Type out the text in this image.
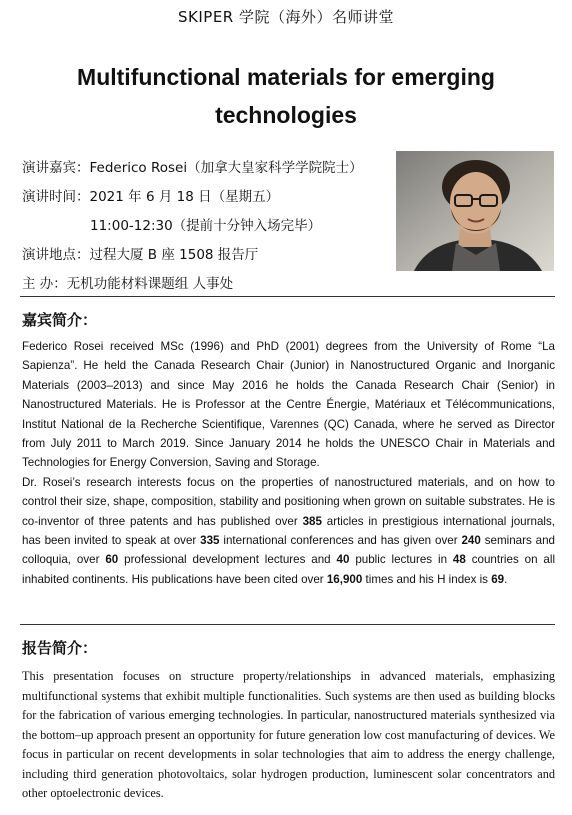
SKIPER 学院（海外）名师讲堂
Multifunctional materials for emerging technologies
演讲嘉宾：Federico Rosei（加拿大皇家科学学院院士）
演讲时间：2021 年 6 月 18 日（星期五）
11:00-12:30（提前十分钟入场完毕）
演讲地点：过程大厦 B 座 1508 报告厅
主 办：无机功能材料课题组 人事处
嘉宾简介：

Federico Rosei received MSc (1996) and PhD (2001) degrees from the University of Rome “La Sapienza”. He held the Canada Research Chair (Junior) in Nanostructured Organic and Inorganic Materials (2003–2013) and since May 2016 he holds the Canada Research Chair (Senior) in Nanostructured Materials. He is Professor at the Centre Énergie, Matériaux et Télécommunications, Institut National de la Recherche Scientifique, Varennes (QC) Canada, where he served as Director from July 2011 to March 2019. Since January 2014 he holds the UNESCO Chair in Materials and Technologies for Energy Conversion, Saving and Storage.

Dr. Rosei’s research interests focus on the properties of nanostructured materials, and on how to control their size, shape, composition, stability and positioning when grown on suitable substrates. He is co-inventor of three patents and has published over 385 articles in prestigious international journals, has been invited to speak at over 335 international conferences and has given over 240 seminars and colloquia, over 60 professional development lectures and 40 public lectures in 48 countries on all inhabited continents. His publications have been cited over 16,900 times and his H index is 69.

报告简介：

This presentation focuses on structure property/relationships in advanced materials, emphasizing multifunctional systems that exhibit multiple functionalities. Such systems are then used as building blocks for the fabrication of various emerging technologies. In particular, nanostructured materials synthesized via the bottom–up approach present an opportunity for future generation low cost manufacturing of devices. We focus in particular on recent developments in solar technologies that aim to address the energy challenge, including third generation photovoltaics, solar hydrogen production, luminescent solar concentrators and other optoelectronic devices.
